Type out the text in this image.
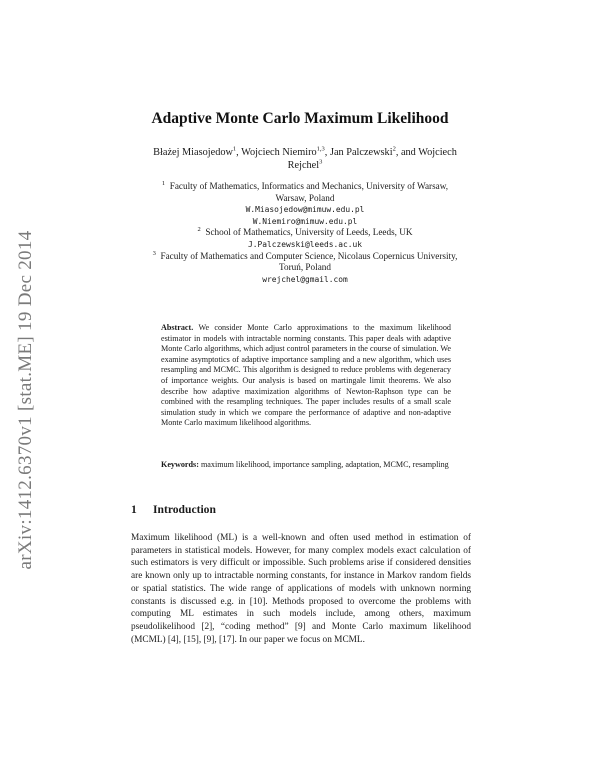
arXiv:1412.6370v1 [stat.ME] 19 Dec 2014
Adaptive Monte Carlo Maximum Likelihood
Błażej Miasojedow$^1$, Wojciech Niemiro$^{1,3}$, Jan Palczewski$^2$, and Wojciech Rejchel$^3$
$^1$ Faculty of Mathematics, Informatics and Mechanics, University of Warsaw,
Warsaw, Poland
W.Miasojedow@mimuw.edu.pl
W.Niemiro@mimuw.edu.pl
$^2$ School of Mathematics, University of Leeds, Leeds, UK
J.Palczewski@leeds.ac.uk
$^3$ Faculty of Mathematics and Computer Science, Nicolaus Copernicus University,
Toruń, Poland
wrejchel@gmail.com
Abstract. We consider Monte Carlo approximations to the maximum likelihood estimator in models with intractable norming constants. This paper deals with adaptive Monte Carlo algorithms, which adjust control parameters in the course of simulation. We examine asymptotics of adaptive importance sampling and a new algorithm, which uses resampling and MCMC. This algorithm is designed to reduce problems with degeneracy of importance weights. Our analysis is based on martingale limit theorems. We also describe how adaptive maximization algorithms of Newton-Raphson type can be combined with the resampling techniques. The paper includes results of a small scale simulation study in which we compare the performance of adaptive and non-adaptive Monte Carlo maximum likelihood algorithms.
Keywords: maximum likelihood, importance sampling, adaptation, MCMC, resampling
1 Introduction
Maximum likelihood (ML) is a well-known and often used method in estimation of parameters in statistical models. However, for many complex models exact calculation of such estimators is very difficult or impossible. Such problems arise if considered densities are known only up to intractable norming constants, for instance in Markov random fields or spatial statistics. The wide range of applications of models with unknown norming constants is discussed e.g. in [10]. Methods proposed to overcome the problems with computing ML estimates in such models include, among others, maximum pseudolikelihood [2], “coding method” [9] and Monte Carlo maximum likelihood (MCML) [4], [15], [9], [17]. In our paper we focus on MCML.
